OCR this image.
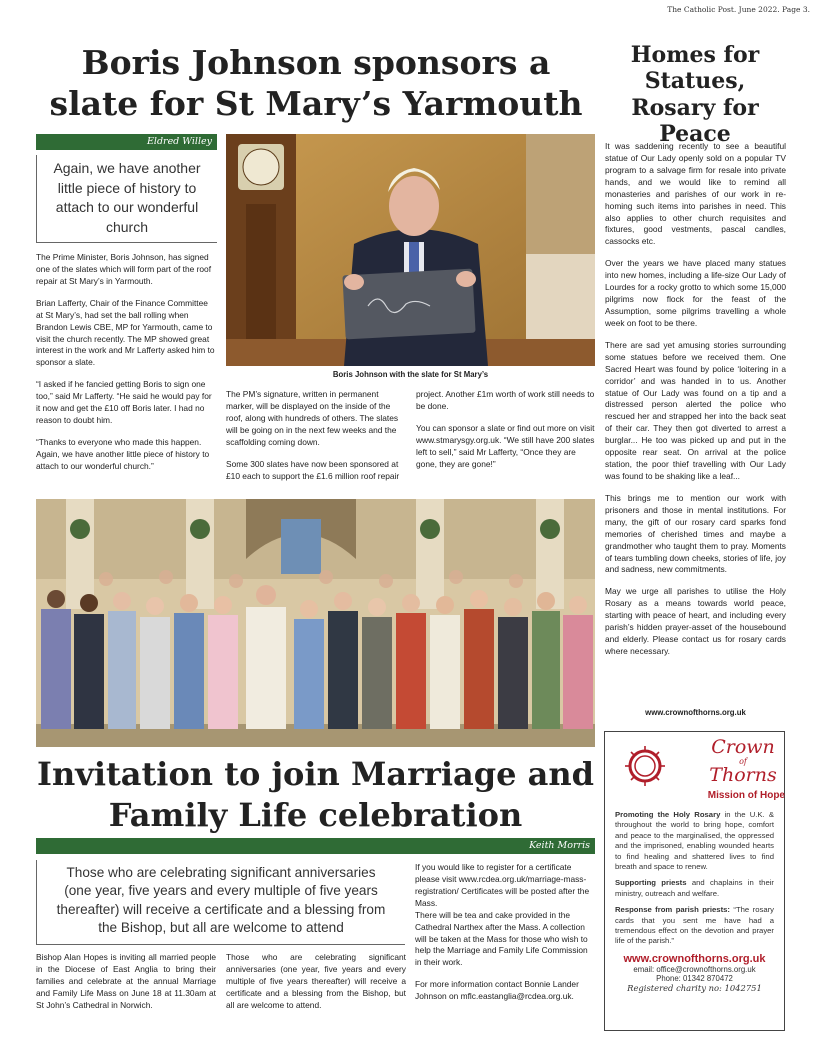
The Catholic Post. June 2022. Page 3.
Boris Johnson sponsors a slate for St Mary’s Yarmouth
Eldred Willey
Again, we have another little piece of history to attach to our wonderful church

The Prime Minister, Boris Johnson, has signed one of the slates which will form part of the roof repair at St Mary’s in Yarmouth.

Brian Lafferty, Chair of the Finance Committee at St Mary’s, had set the ball rolling when Brandon Lewis CBE, MP for Yarmouth, came to visit the church recently. The MP showed great interest in the work and Mr Lafferty asked him to sponsor a slate.

“I asked if he fancied getting Boris to sign one too,” said Mr Lafferty. “He said he would pay for it now and get the £10 off Boris later. I had no reason to doubt him.

“Thanks to everyone who made this happen. Again, we have another little piece of history to attach to our wonderful church.”

Boris Johnson with the slate for St Mary’s

The PM’s signature, written in permanent marker, will be displayed on the inside of the roof, along with hundreds of others. The slates will be going on in the next few weeks and the scaffolding coming down.

Some 300 slates have now been sponsored at £10 each to support the £1.6 million roof repair

project. Another £1m worth of work still needs to be done.

You can sponsor a slate or find out more on visit www.stmarysgy.org.uk. “We still have 200 slates left to sell,” said Mr Lafferty, “Once they are gone, they are gone!”

Invitation to join Marriage and Family Life celebration
Keith Morris
Those who are celebrating significant anniversaries (one year, five years and every multiple of five years thereafter) will receive a certificate and a blessing from the Bishop, but all are welcome to attend

Bishop Alan Hopes is inviting all married people in the Diocese of East Anglia to bring their families and celebrate at the annual Marriage and Family Life Mass on June 18 at 11.30am at St John’s Cathedral in Norwich.

Those who are celebrating significant anniversaries (one year, five years and every multiple of five years thereafter) will receive a certificate and a blessing from the Bishop, but all are welcome to attend.

If you would like to register for a certificate please visit www.rcdea.org.uk/marriage-mass-registration/ Certificates will be posted after the Mass.

There will be tea and cake provided in the Cathedral Narthex after the Mass. A collection will be taken at the Mass for those who wish to help the Marriage and Family Life Commission in their work.

For more information contact Bonnie Lander Johnson on mflc.eastanglia@rcdea.org.uk.

Homes for Statues, Rosary for Peace

It was saddening recently to see a beautiful statue of Our Lady openly sold on a popular TV program to a salvage firm for resale into private hands, and we would like to remind all monasteries and parishes of our work in re-homing such items into parishes in need. This also applies to other church requisites and fixtures, good vestments, pascal candles, cassocks etc.

Over the years we have placed many statues into new homes, including a life-size Our Lady of Lourdes for a rocky grotto to which some 15,000 pilgrims now flock for the feast of the Assumption, some pilgrims travelling a whole week on foot to be there.

There are sad yet amusing stories surrounding some statues before we received them. One Sacred Heart was found by police ‘loitering in a corridor’ and was handed in to us. Another statue of Our Lady was found on a tip and a distressed person alerted the police who rescued her and strapped her into the back seat of their car. They then got diverted to arrest a burglar... He too was picked up and put in the opposite rear seat. On arrival at the police station, the poor thief travelling with Our Lady was found to be shaking like a leaf...

This brings me to mention our work with prisoners and those in mental institutions. For many, the gift of our rosary card sparks fond memories of cherished times and maybe a grandmother who taught them to pray. Moments of tears tumbling down cheeks, stories of life, joy and sadness, new commitments.

May we urge all parishes to utilise the Holy Rosary as a means towards world peace, starting with peace of heart, and including every parish’s hidden prayer-asset of the housebound and elderly. Please contact us for rosary cards where necessary.

www.crownofthorns.org.uk
Crown
of
Thorns
Mission of Hope

Promoting the Holy Rosary in the U.K. & throughout the world to bring hope, comfort and peace to the marginalised, the oppressed and the imprisoned, enabling wounded hearts to find healing and shattered lives to find breath and space to renew.

Supporting priests and chaplains in their ministry, outreach and welfare.

Response from parish priests: “The rosary cards that you sent me have had a tremendous effect on the devotion and prayer life of the parish.”

www.crownofthorns.org.uk
email: office@crownofthorns.org.uk
Phone: 01342 870472
Registered charity no: 1042751
